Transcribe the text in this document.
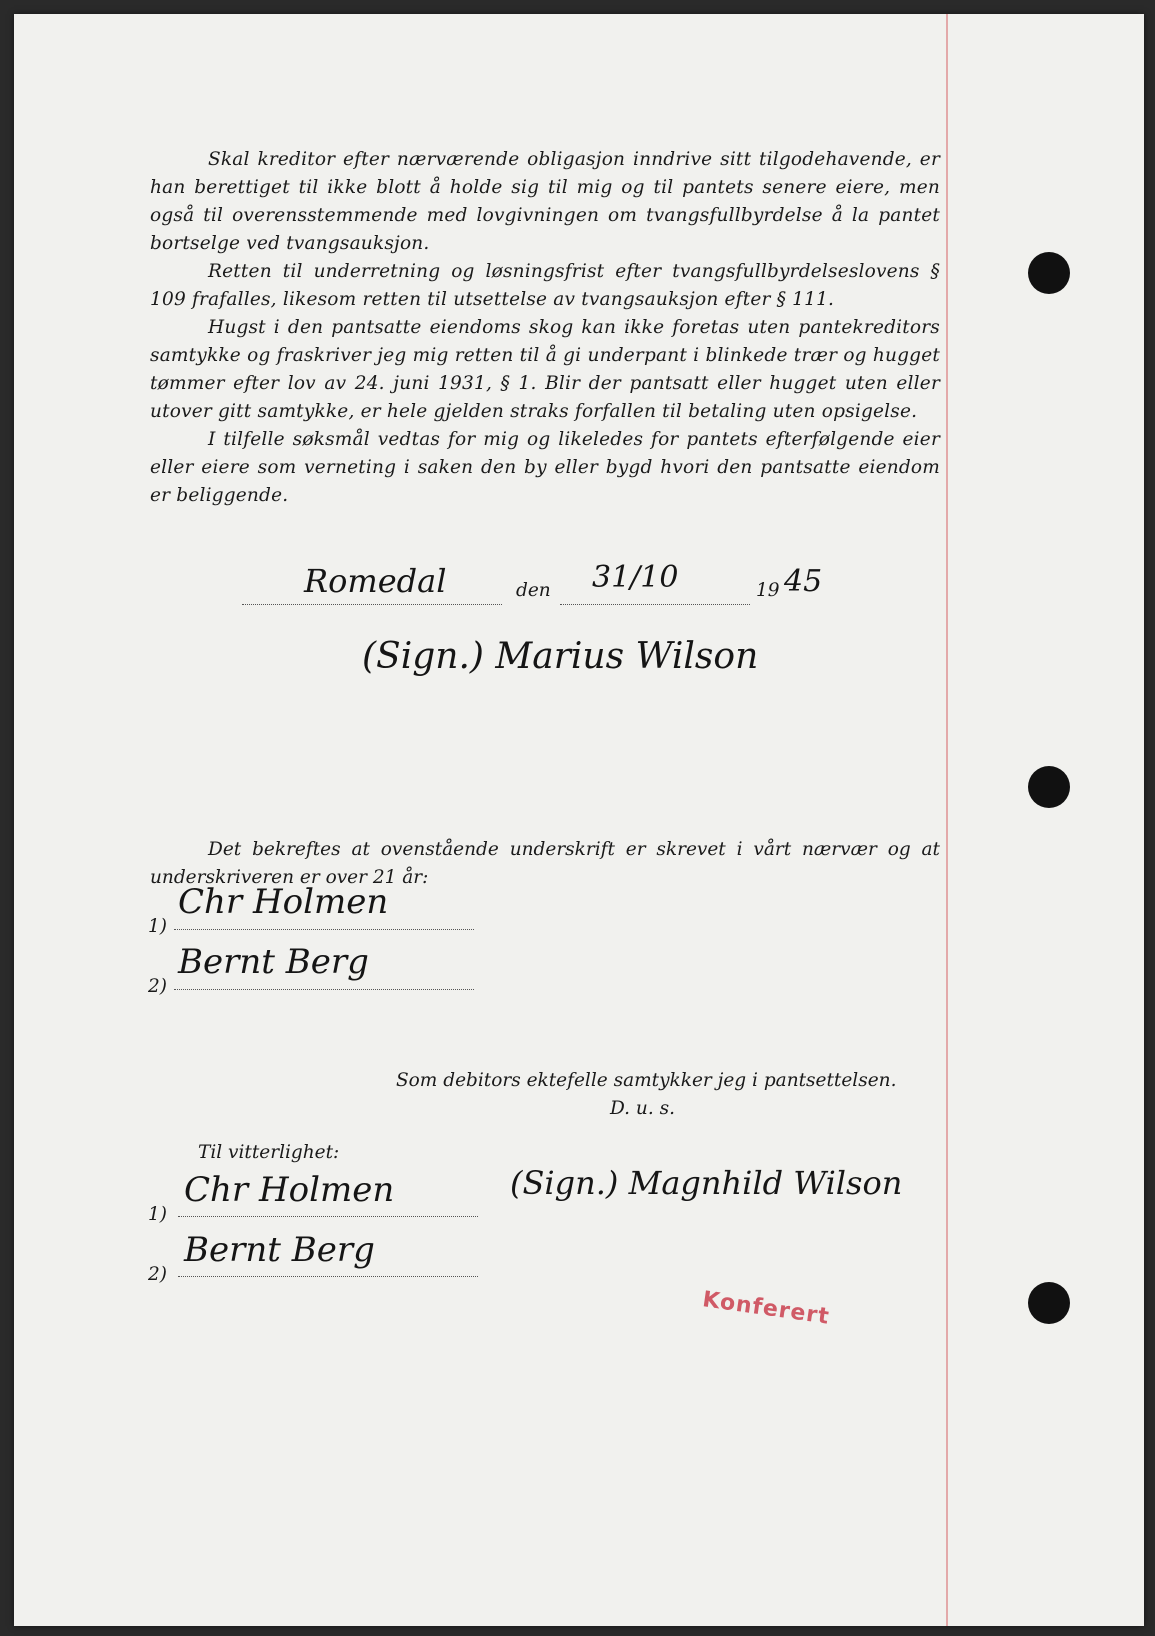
Skal kreditor efter nærværende obligasjon inndrive sitt tilgodehavende, er han berettiget til ikke blott å holde sig til mig og til pantets senere eiere, men også til overensstemmende med lovgivningen om tvangsfullbyrdelse å la pantet bortselge ved tvangsauksjon.

Retten til underretning og løsningsfrist efter tvangsfullbyrdelseslovens § 109 frafalles, likesom retten til utsettelse av tvangsauksjon efter § 111.

Hugst i den pantsatte eiendoms skog kan ikke foretas uten pantekreditors samtykke og fraskriver jeg mig retten til å gi underpant i blinkede trær og hugget tømmer efter lov av 24. juni 1931, § 1. Blir der pantsatt eller hugget uten eller utover gitt samtykke, er hele gjelden straks forfallen til betaling uten opsigelse.

I tilfelle søksmål vedtas for mig og likeledes for pantets efterfølgende eier eller eiere som verneting i saken den by eller bygd hvori den pantsatte eiendom er beliggende.

Romedal	den 31/10	19 45
(Sign.) Marius Wilson

Det bekreftes at ovenstående underskrift er skrevet i vårt nærvær og at underskriveren er over 21 år:

1)
Chr Holmen
2)
Bernt Berg
Som debitors ektefelle samtykker jeg i pantsettelsen.
D. u. s.
Til vitterlighet:
(Sign.) Magnhild Wilson
1)
Chr Holmen
2)
Bernt Berg
Konferert
